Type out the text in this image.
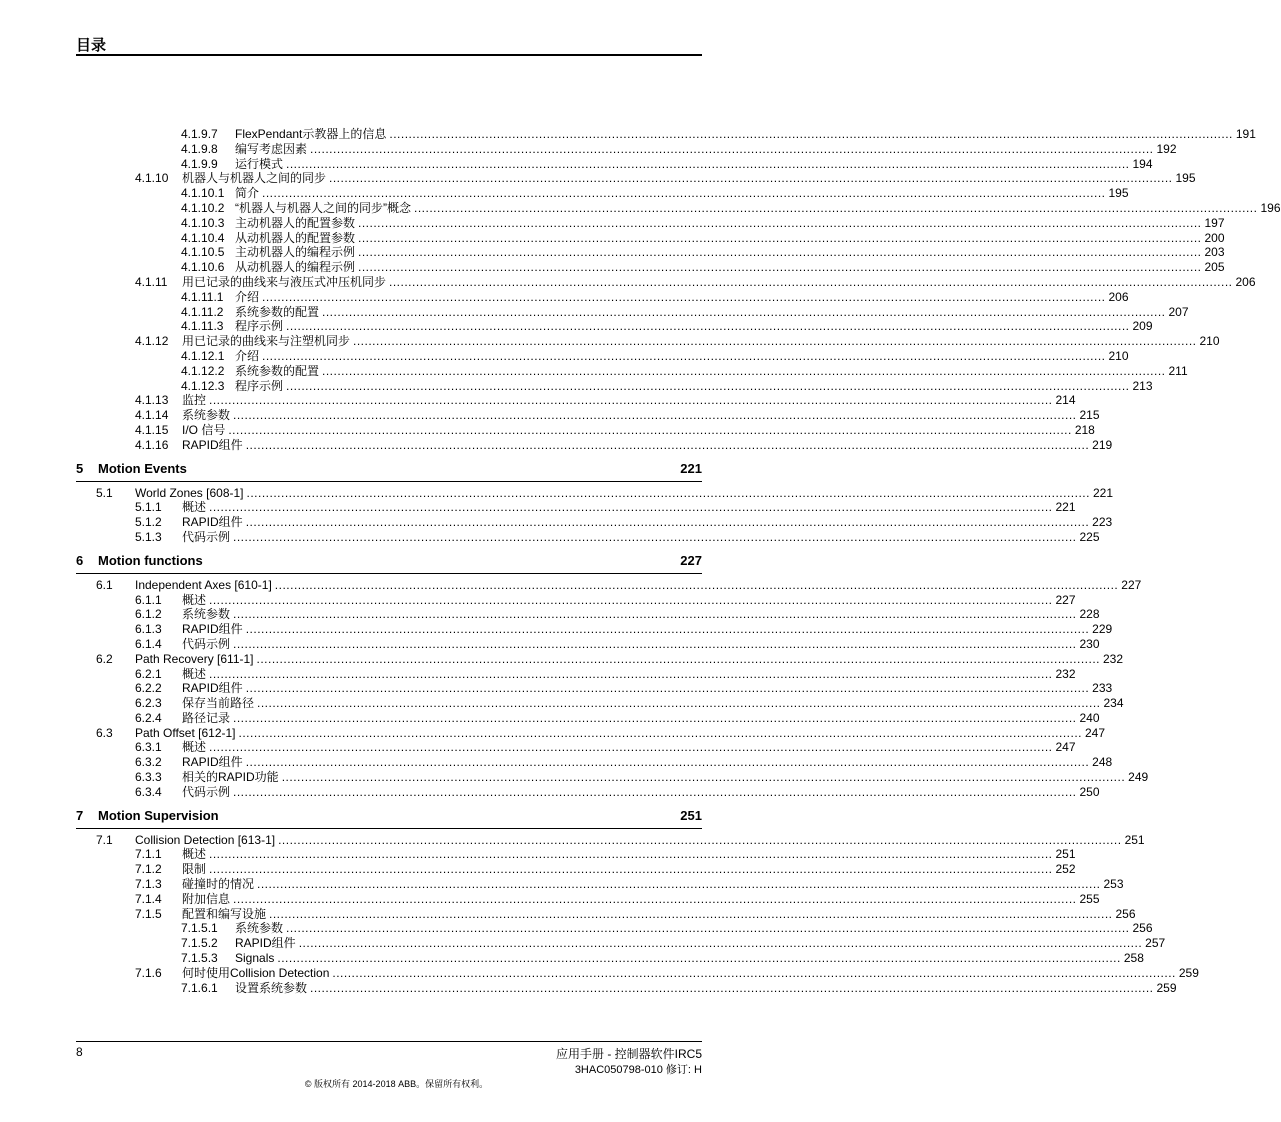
目录
4.1.9.7 FlexPendant示教器上的信息 ............................................................................................................................................................................................................................ 191
4.1.9.8 编写考虑因素 ............................................................................................................................................................................................................................ 192
4.1.9.9 运行模式 ............................................................................................................................................................................................................................ 194
4.1.10 机器人与机器人之间的同步 ............................................................................................................................................................................................................................ 195
4.1.10.1 简介 ............................................................................................................................................................................................................................ 195
4.1.10.2 “机器人与机器人之间的同步”概念 ............................................................................................................................................................................................................................ 196
4.1.10.3 主动机器人的配置参数 ............................................................................................................................................................................................................................ 197
4.1.10.4 从动机器人的配置参数 ............................................................................................................................................................................................................................ 200
4.1.10.5 主动机器人的编程示例 ............................................................................................................................................................................................................................ 203
4.1.10.6 从动机器人的编程示例 ............................................................................................................................................................................................................................ 205
4.1.11 用已记录的曲线来与液压式冲压机同步 ............................................................................................................................................................................................................................ 206
4.1.11.1 介绍 ............................................................................................................................................................................................................................ 206
4.1.11.2 系统参数的配置 ............................................................................................................................................................................................................................ 207
4.1.11.3 程序示例 ............................................................................................................................................................................................................................ 209
4.1.12 用已记录的曲线来与注塑机同步 ............................................................................................................................................................................................................................ 210
4.1.12.1 介绍 ............................................................................................................................................................................................................................ 210
4.1.12.2 系统参数的配置 ............................................................................................................................................................................................................................ 211
4.1.12.3 程序示例 ............................................................................................................................................................................................................................ 213
4.1.13 监控 ............................................................................................................................................................................................................................ 214
4.1.14 系统参数 ............................................................................................................................................................................................................................ 215
4.1.15 I/O 信号 ............................................................................................................................................................................................................................ 218
4.1.16 RAPID组件 ............................................................................................................................................................................................................................ 219
5 Motion Events	221
5.1 World Zones [608-1] ............................................................................................................................................................................................................................ 221
5.1.1 概述 ............................................................................................................................................................................................................................ 221
5.1.2 RAPID组件 ............................................................................................................................................................................................................................ 223
5.1.3 代码示例 ............................................................................................................................................................................................................................ 225
6 Motion functions	227
6.1 Independent Axes [610-1] ............................................................................................................................................................................................................................ 227
6.1.1 概述 ............................................................................................................................................................................................................................ 227
6.1.2 系统参数 ............................................................................................................................................................................................................................ 228
6.1.3 RAPID组件 ............................................................................................................................................................................................................................ 229
6.1.4 代码示例 ............................................................................................................................................................................................................................ 230
6.2 Path Recovery [611-1] ............................................................................................................................................................................................................................ 232
6.2.1 概述 ............................................................................................................................................................................................................................ 232
6.2.2 RAPID组件 ............................................................................................................................................................................................................................ 233
6.2.3 保存当前路径 ............................................................................................................................................................................................................................ 234
6.2.4 路径记录 ............................................................................................................................................................................................................................ 240
6.3 Path Offset [612-1] ............................................................................................................................................................................................................................ 247
6.3.1 概述 ............................................................................................................................................................................................................................ 247
6.3.2 RAPID组件 ............................................................................................................................................................................................................................ 248
6.3.3 相关的RAPID功能 ............................................................................................................................................................................................................................ 249
6.3.4 代码示例 ............................................................................................................................................................................................................................ 250
7 Motion Supervision	251
7.1 Collision Detection [613-1] ............................................................................................................................................................................................................................ 251
7.1.1 概述 ............................................................................................................................................................................................................................ 251
7.1.2 限制 ............................................................................................................................................................................................................................ 252
7.1.3 碰撞时的情况 ............................................................................................................................................................................................................................ 253
7.1.4 附加信息 ............................................................................................................................................................................................................................ 255
7.1.5 配置和编写设施 ............................................................................................................................................................................................................................ 256
7.1.5.1 系统参数 ............................................................................................................................................................................................................................ 256
7.1.5.2 RAPID组件 ............................................................................................................................................................................................................................ 257
7.1.5.3 Signals ............................................................................................................................................................................................................................ 258
7.1.6 何时使用Collision Detection ............................................................................................................................................................................................................................ 259
7.1.6.1 设置系统参数 ............................................................................................................................................................................................................................ 259
8	应用手册 - 控制器软件IRC5
3HAC050798-010 修订: H
© 版权所有 2014-2018 ABB。保留所有权利。
